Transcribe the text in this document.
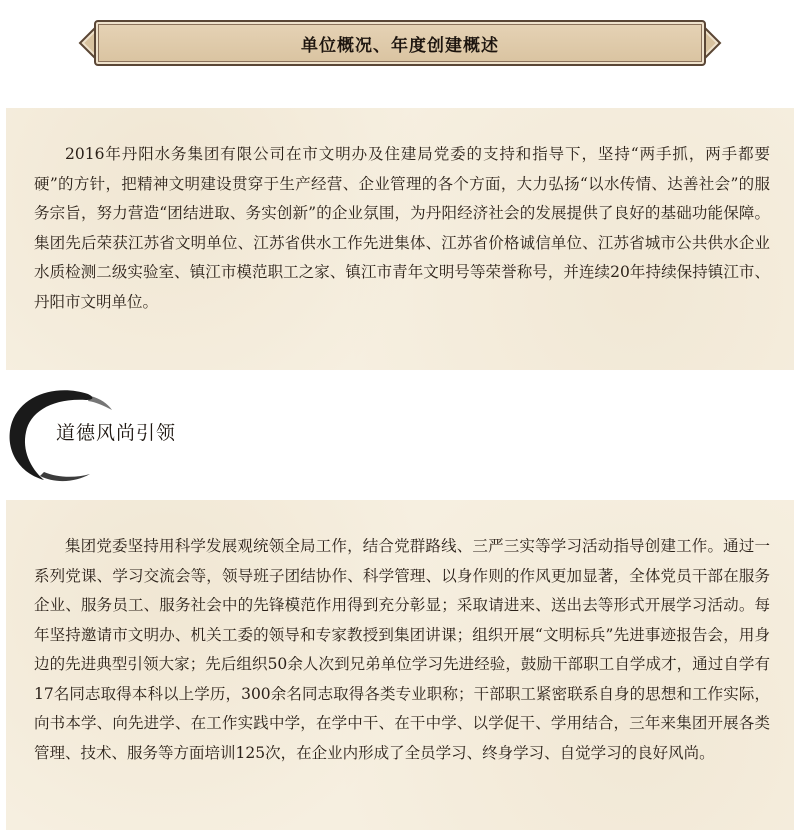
单位概况、年度创建概述

2016年丹阳水务集团有限公司在市文明办及住建局党委的支持和指导下，坚持“两手抓，两手都要硬”的方针，把精神文明建设贯穿于生产经营、企业管理的各个方面，大力弘扬“以水传情、达善社会”的服务宗旨，努力营造“团结进取、务实创新”的企业氛围，为丹阳经济社会的发展提供了良好的基础功能保障。集团先后荣获江苏省文明单位、江苏省供水工作先进集体、江苏省价格诚信单位、江苏省城市公共供水企业水质检测二级实验室、镇江市模范职工之家、镇江市青年文明号等荣誉称号，并连续20年持续保持镇江市、丹阳市文明单位。

道德风尚引领

集团党委坚持用科学发展观统领全局工作，结合党群路线、三严三实等学习活动指导创建工作。通过一系列党课、学习交流会等，领导班子团结协作、科学管理、以身作则的作风更加显著，全体党员干部在服务企业、服务员工、服务社会中的先锋模范作用得到充分彰显；采取请进来、送出去等形式开展学习活动。每年坚持邀请市文明办、机关工委的领导和专家教授到集团讲课；组织开展“文明标兵”先进事迹报告会，用身边的先进典型引领大家；先后组织50余人次到兄弟单位学习先进经验，鼓励干部职工自学成才，通过自学有17名同志取得本科以上学历，300余名同志取得各类专业职称；干部职工紧密联系自身的思想和工作实际，向书本学、向先进学、在工作实践中学，在学中干、在干中学、以学促干、学用结合，三年来集团开展各类管理、技术、服务等方面培训125次，在企业内形成了全员学习、终身学习、自觉学习的良好风尚。
